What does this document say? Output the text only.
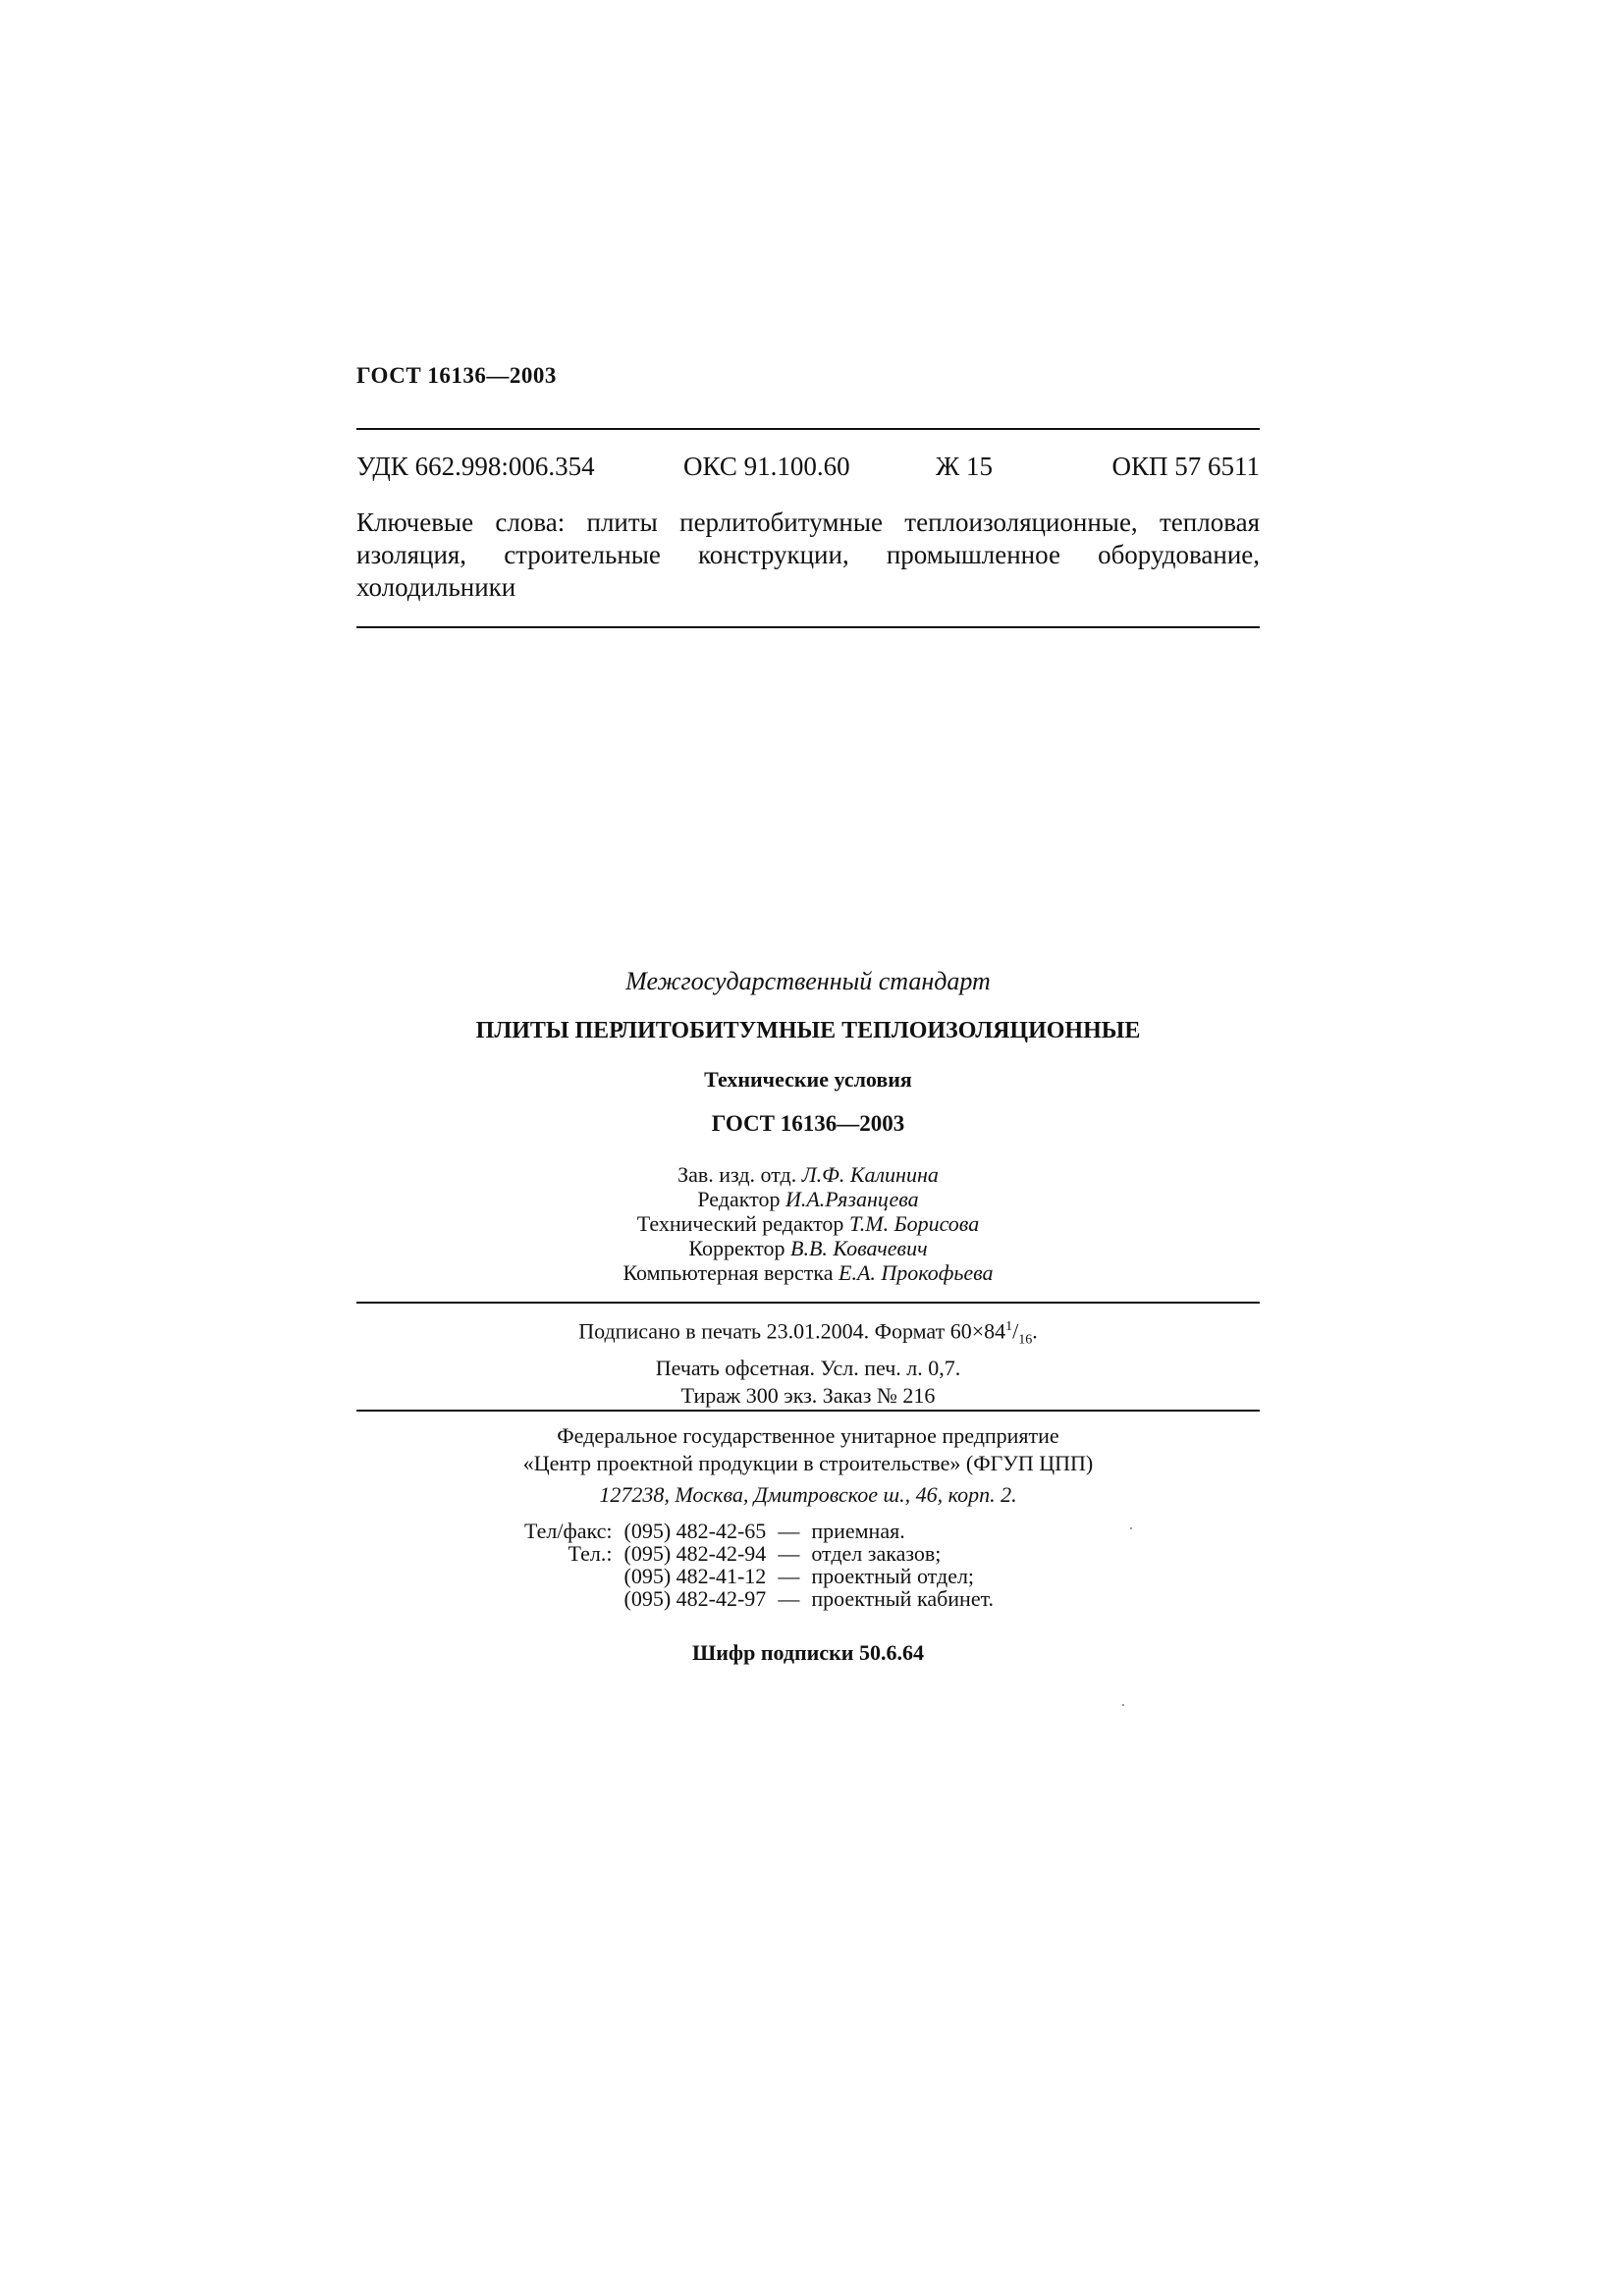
ГОСТ 16136—2003
УДК 662.998:006.354	ОКС 91.100.60	Ж 15	ОКП 57 6511
Ключевые слова: плиты перлитобитумные теплоизоляционные, тепловая изоляция, строительные конструкции, промышленное оборудование, холодильники
Межгосударственный стандарт
ПЛИТЫ ПЕРЛИТОБИТУМНЫЕ ТЕПЛОИЗОЛЯЦИОННЫЕ
Технические условия
ГОСТ 16136—2003
Зав. изд. отд. Л.Ф. Калинина
Редактор И.А.Рязанцева
Технический редактор Т.М. Борисова
Корректор В.В. Ковачевич
Компьютерная верстка Е.А. Прокофьева
Подписано в печать 23.01.2004. Формат $60\times 84^1/_{16}$.
Печать офсетная. Усл. печ. л. 0,7.
Тираж 300 экз. Заказ № 216
Федеральное государственное унитарное предприятие
«Центр проектной продукции в строительстве» (ФГУП ЦПП)
127238, Москва, Дмитровское ш., 46, корп. 2.
Тел/факс:	(095) 482-42-65	—	приемная.
Тел.:	(095) 482-42-94	—	отдел заказов;
	(095) 482-41-12	—	проектный отдел;
	(095) 482-42-97	—	проектный кабинет.
Шифр подписки 50.6.64
